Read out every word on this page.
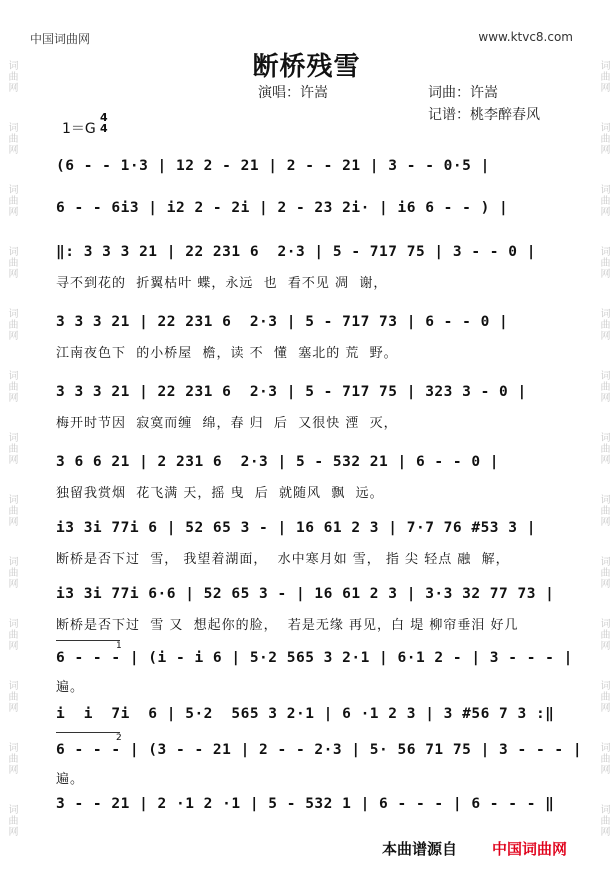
中国词曲网	www.ktvc8.com
断桥残雪
演唱：许嵩	词曲：许嵩
记谱：桃李醉春风
1＝G
4
4
词曲网
词曲网
词曲网
词曲网
词曲网
词曲网
词曲网
词曲网
词曲网
词曲网
词曲网
词曲网
词曲网
词曲网
词曲网
词曲网
词曲网
词曲网
词曲网
词曲网
词曲网
词曲网
词曲网
词曲网
词曲网
词曲网
(6 - - 1·3 | 12 2 - 21 | 2 - - 21 | 3 - - 0·5 |
6 - - 6i3 | i2 2 - 2i | 2 - 23 2i· | i6 6 - - ) |
‖: 3 3 3 21 | 22 231 6  2·3 | 5 - 717 75 | 3 - - 0 |
寻不到花的  折翼枯叶 蝶，永远  也  看不见 凋  谢，
3 3 3 21 | 22 231 6  2·3 | 5 - 717 73 | 6 - - 0 |
江南夜色下  的小桥屋  檐，读 不  懂  塞北的 荒  野。
3 3 3 21 | 22 231 6  2·3 | 5 - 717 75 | 323 3 - 0 |
梅开时节因  寂寞而缠  绵，春 归  后  又很快 湮  灭，
3 6 6 21 | 2 231 6  2·3 | 5 - 532 21 | 6 - - 0 |
独留我赏烟  花飞满 天，摇 曳  后  就随风  飘  远。
i3 3i 77i 6 | 52 65 3 - | 16 61 2 3 | 7·7 76 #53 3 |
断桥是否下过  雪， 我望着湖面，  水中寒月如 雪， 指 尖 轻点 融  解，
i3 3i 77i 6·6 | 52 65 3 - | 16 61 2 3 | 3·3 32 77 73 |
断桥是否下过  雪 又  想起你的脸，  若是无缘 再见，白 堤 柳帘垂泪 好几
1
6 - - - | (i - i 6 | 5·2 565 3 2·1 | 6·1 2 - | 3 - - - |
遍。
i  i  7i  6 | 5·2  565 3 2·1 | 6 ·1 2 3 | 3 #56 7 3 :‖
2
6 - - - | (3 - - 21 | 2 - - 2·3 | 5· 56 71 75 | 3 - - - |
遍。
3 - - 21 | 2 ·1 2 ·1 | 5 - 532 1 | 6 - - - | 6 - - - ‖
本曲谱源自 中国词曲网
